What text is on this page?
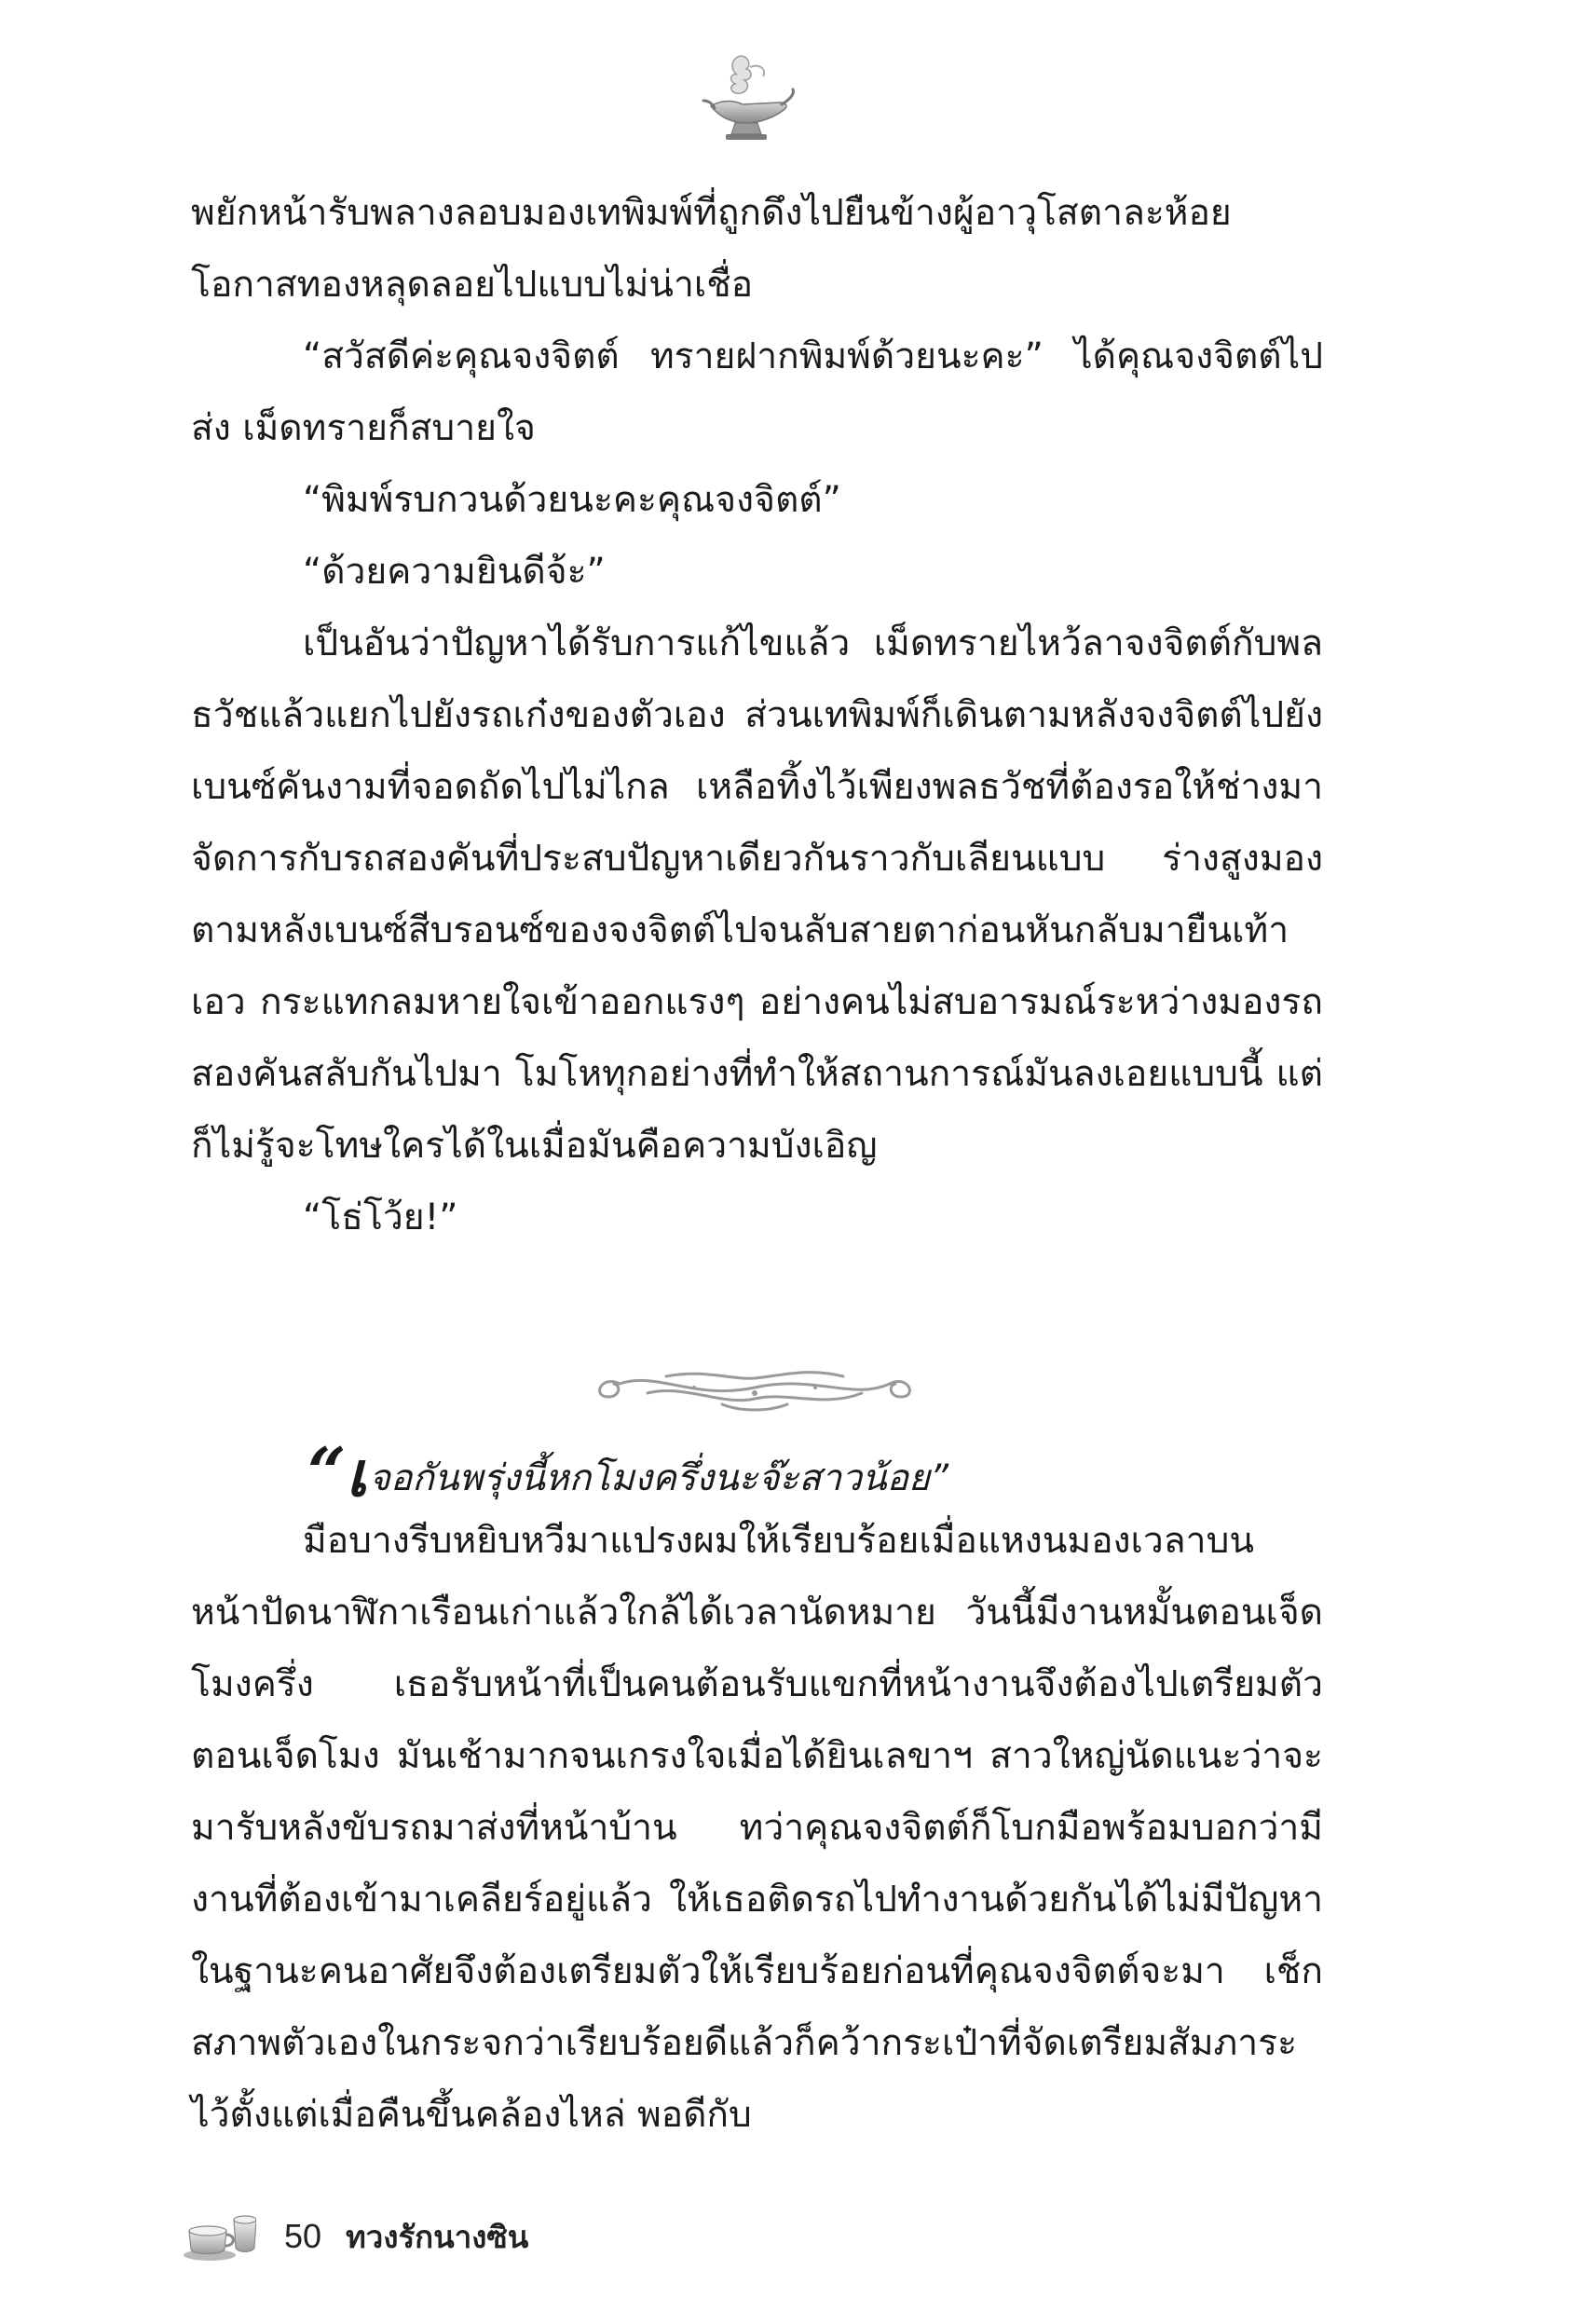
พยักหน้ารับพลางลอบมองเทพิมพ์ที่ถูกดึงไปยืนข้างผู้อาวุโสตาละห้อย โอกาสทองหลุดลอยไปแบบไม่น่าเชื่อ

“สวัสดีค่ะคุณจงจิตต์ ทรายฝากพิมพ์ด้วยนะคะ” ได้คุณจงจิตต์ไปส่ง เม็ดทรายก็สบายใจ

“พิมพ์รบกวนด้วยนะคะคุณจงจิตต์”

“ด้วยความยินดีจ้ะ”

เป็นอันว่าปัญหาได้รับการแก้ไขแล้ว เม็ดทรายไหว้ลาจงจิตต์กับพลธวัชแล้วแยกไปยังรถเก๋งของตัวเอง ส่วนเทพิมพ์ก็เดินตามหลังจงจิตต์ไปยังเบนซ์คันงามที่จอดถัดไปไม่ไกล เหลือทิ้งไว้เพียงพลธวัชที่ต้องรอให้ช่างมาจัดการกับรถสองคันที่ประสบปัญหาเดียวกันราวกับเลียนแบบ ร่างสูงมองตามหลังเบนซ์สีบรอนซ์ของจงจิตต์ไปจนลับสายตาก่อนหันกลับมายืนเท้าเอว กระแทกลมหายใจเข้าออกแรงๆ อย่างคนไม่สบอารมณ์ระหว่างมองรถสองคันสลับกันไปมา โมโหทุกอย่างที่ทำให้สถานการณ์มันลงเอยแบบนี้ แต่ก็ไม่รู้จะโทษใครได้ในเมื่อมันคือความบังเอิญ

“โธ่โว้ย!”

“เจอกันพรุ่งนี้หกโมงครึ่งนะจ๊ะสาวน้อย”

มือบางรีบหยิบหวีมาแปรงผมให้เรียบร้อยเมื่อแหงนมองเวลาบนหน้าปัดนาฬิกาเรือนเก่าแล้วใกล้ได้เวลานัดหมาย วันนี้มีงานหมั้นตอนเจ็ดโมงครึ่ง เธอรับหน้าที่เป็นคนต้อนรับแขกที่หน้างานจึงต้องไปเตรียมตัวตอนเจ็ดโมง มันเช้ามากจนเกรงใจเมื่อได้ยินเลขาฯ สาวใหญ่นัดแนะว่าจะมารับหลังขับรถมาส่งที่หน้าบ้าน ทว่าคุณจงจิตต์ก็โบกมือพร้อมบอกว่ามีงานที่ต้องเข้ามาเคลียร์อยู่แล้ว ให้เธอติดรถไปทำงานด้วยกันได้ไม่มีปัญหา ในฐานะคนอาศัยจึงต้องเตรียมตัวให้เรียบร้อยก่อนที่คุณจงจิตต์จะมา เช็กสภาพตัวเองในกระจกว่าเรียบร้อยดีแล้วก็คว้ากระเป๋าที่จัดเตรียมสัมภาระไว้ตั้งแต่เมื่อคืนขึ้นคล้องไหล่ พอดีกับ

50 ทวงรักนางซิน
